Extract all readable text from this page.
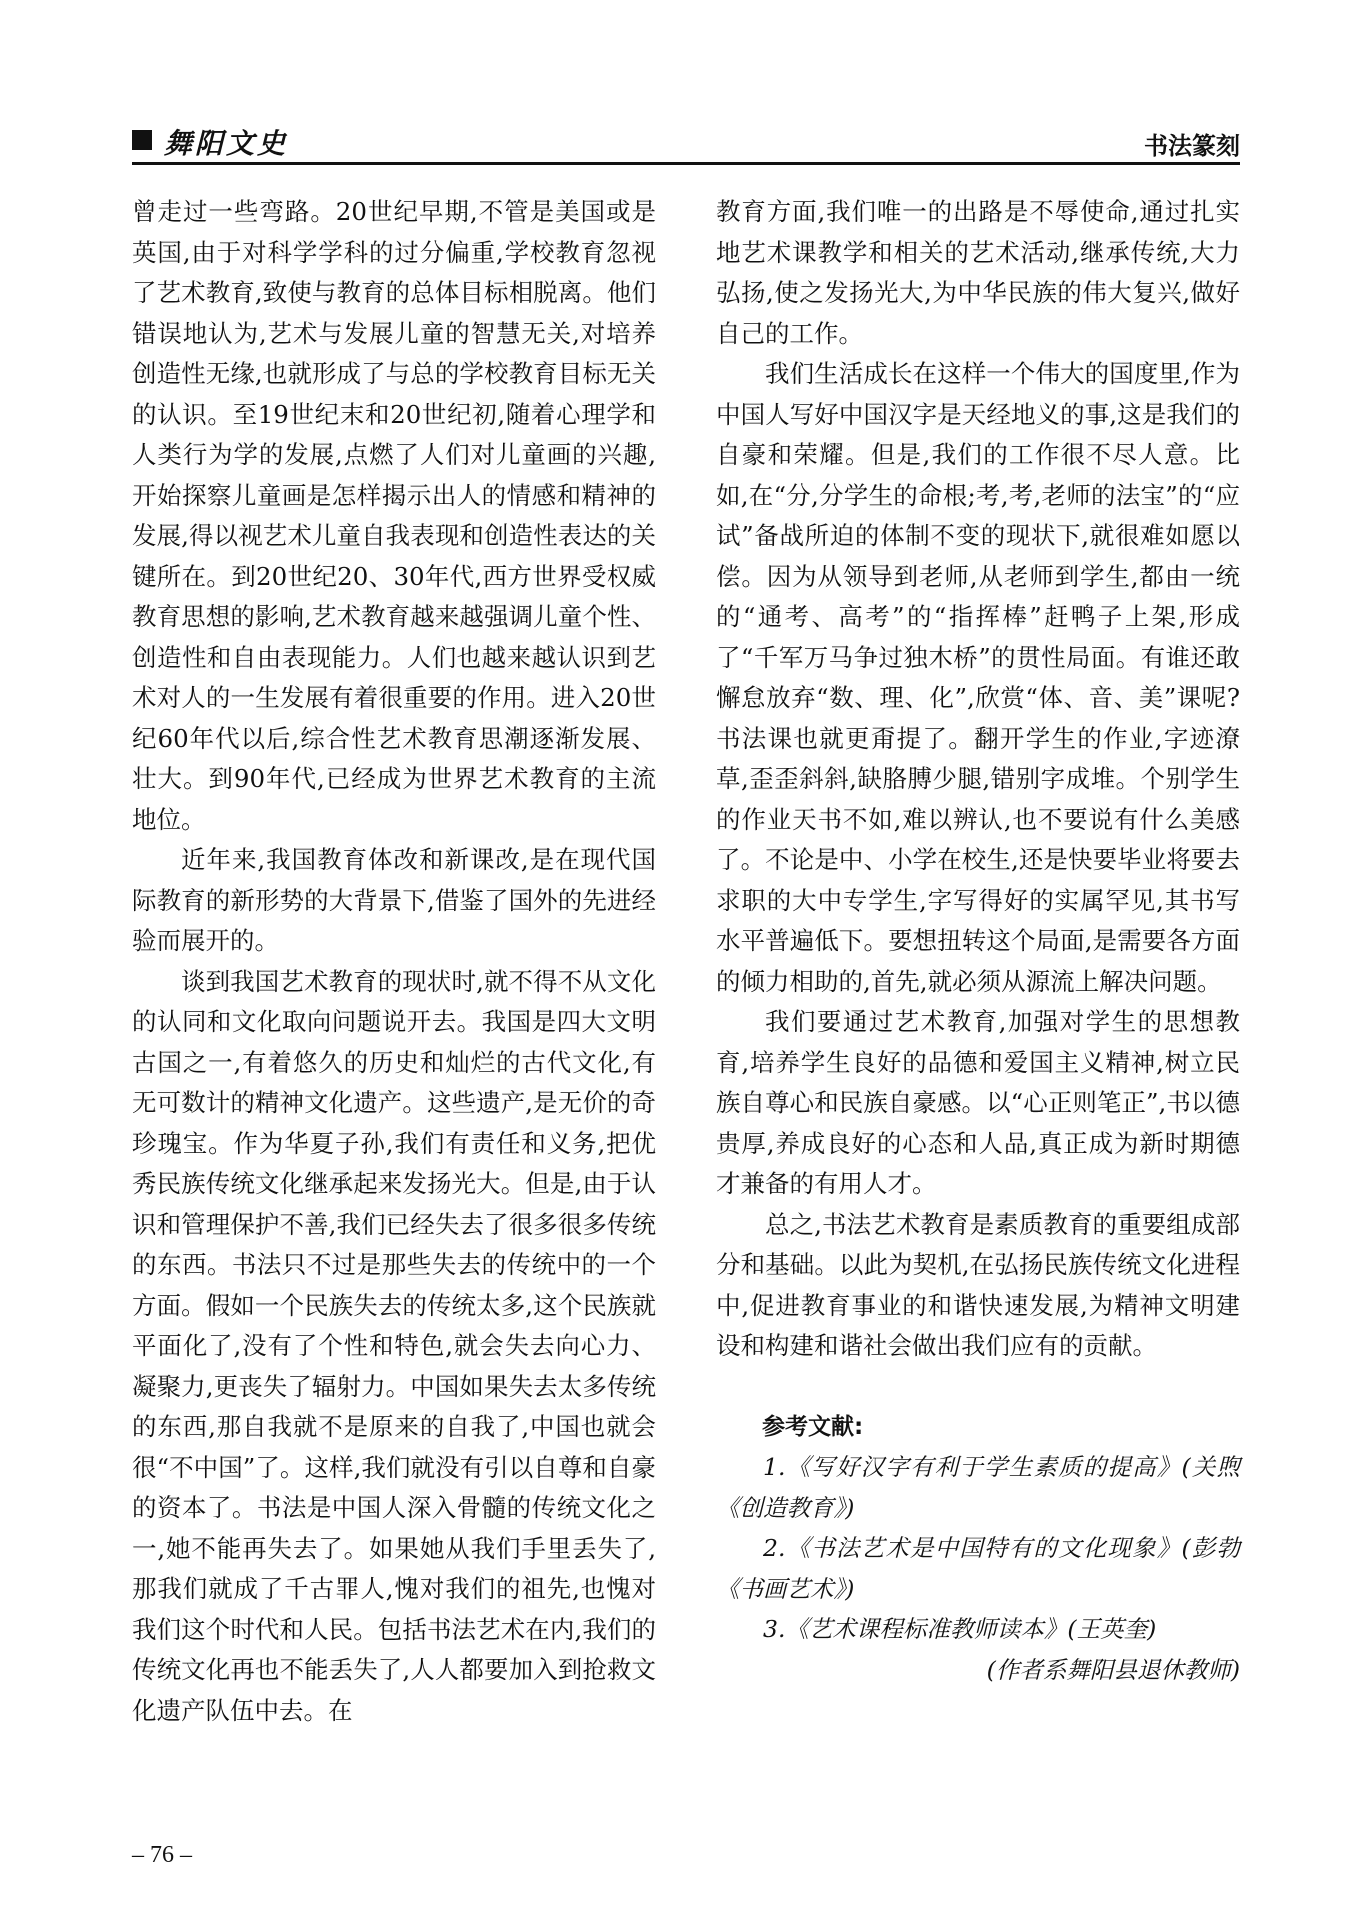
舞阳文史	书法篆刻

曾走过一些弯路。20世纪早期,不管是美国或是英国,由于对科学学科的过分偏重,学校教育忽视了艺术教育,致使与教育的总体目标相脱离。他们错误地认为,艺术与发展儿童的智慧无关,对培养创造性无缘,也就形成了与总的学校教育目标无关的认识。至19世纪末和20世纪初,随着心理学和人类行为学的发展,点燃了人们对儿童画的兴趣,开始探察儿童画是怎样揭示出人的情感和精神的发展,得以视艺术儿童自我表现和创造性表达的关键所在。到20世纪20、30年代,西方世界受权威教育思想的影响,艺术教育越来越强调儿童个性、创造性和自由表现能力。人们也越来越认识到艺术对人的一生发展有着很重要的作用。进入20世纪60年代以后,综合性艺术教育思潮逐渐发展、壮大。到90年代,已经成为世界艺术教育的主流地位。

近年来,我国教育体改和新课改,是在现代国际教育的新形势的大背景下,借鉴了国外的先进经验而展开的。

谈到我国艺术教育的现状时,就不得不从文化的认同和文化取向问题说开去。我国是四大文明古国之一,有着悠久的历史和灿烂的古代文化,有无可数计的精神文化遗产。这些遗产,是无价的奇珍瑰宝。作为华夏子孙,我们有责任和义务,把优秀民族传统文化继承起来发扬光大。但是,由于认识和管理保护不善,我们已经失去了很多很多传统的东西。书法只不过是那些失去的传统中的一个方面。假如一个民族失去的传统太多,这个民族就平面化了,没有了个性和特色,就会失去向心力、凝聚力,更丧失了辐射力。中国如果失去太多传统的东西,那自我就不是原来的自我了,中国也就会很“不中国”了。这样,我们就没有引以自尊和自豪的资本了。书法是中国人深入骨髓的传统文化之一,她不能再失去了。如果她从我们手里丢失了,那我们就成了千古罪人,愧对我们的祖先,也愧对我们这个时代和人民。包括书法艺术在内,我们的传统文化再也不能丢失了,人人都要加入到抢救文化遗产队伍中去。在

教育方面,我们唯一的出路是不辱使命,通过扎实地艺术课教学和相关的艺术活动,继承传统,大力弘扬,使之发扬光大,为中华民族的伟大复兴,做好自己的工作。

我们生活成长在这样一个伟大的国度里,作为中国人写好中国汉字是天经地义的事,这是我们的自豪和荣耀。但是,我们的工作很不尽人意。比如,在“分,分学生的命根;考,考,老师的法宝”的“应试”备战所迫的体制不变的现状下,就很难如愿以偿。因为从领导到老师,从老师到学生,都由一统的“通考、高考”的“指挥棒”赶鸭子上架,形成了“千军万马争过独木桥”的贯性局面。有谁还敢懈怠放弃“数、理、化”,欣赏“体、音、美”课呢?书法课也就更甭提了。翻开学生的作业,字迹潦草,歪歪斜斜,缺胳膊少腿,错别字成堆。个别学生的作业天书不如,难以辨认,也不要说有什么美感了。不论是中、小学在校生,还是快要毕业将要去求职的大中专学生,字写得好的实属罕见,其书写水平普遍低下。要想扭转这个局面,是需要各方面的倾力相助的,首先,就必须从源流上解决问题。

我们要通过艺术教育,加强对学生的思想教育,培养学生良好的品德和爱国主义精神,树立民族自尊心和民族自豪感。以“心正则笔正”,书以德贵厚,养成良好的心态和人品,真正成为新时期德才兼备的有用人才。

总之,书法艺术教育是素质教育的重要组成部分和基础。以此为契机,在弘扬民族传统文化进程中,促进教育事业的和谐快速发展,为精神文明建设和构建和谐社会做出我们应有的贡献。

参考文献:

1.《写好汉字有利于学生素质的提高》(关煦《创造教育》)

2.《书法艺术是中国特有的文化现象》(彭勃《书画艺术》)

3.《艺术课程标准教师读本》(王英奎)

(作者系舞阳县退休教师)

– 76 –
